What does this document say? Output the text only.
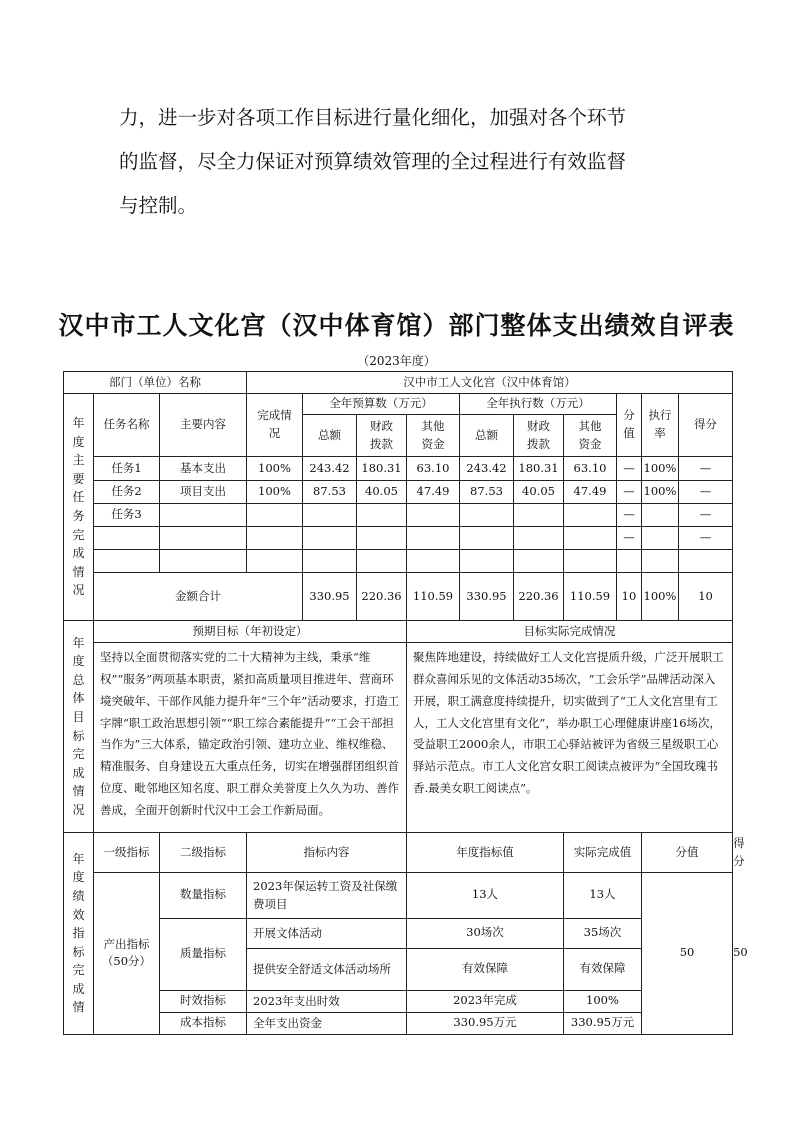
力，进一步对各项工作目标进行量化细化，加强对各个环节

的监督，尽全力保证对预算绩效管理的全过程进行有效监督

与控制。

汉中市工人文化宫（汉中体育馆）部门整体支出绩效自评表
（2023年度）
部门（单位）名称			汉中市工人文化宫（汉中体育馆）										
年度主要任务完成情况	任务名称	主要内容	完成情况	全年预算数（万元）			全年执行数（万元）			分值	执行率	得分	
				总额	财政拨款	其他资金	总额	财政拨款	其他资金				
	任务1	基本支出	100%	243.42	180.31	63.10	243.42	180.31	63.10	—	100%	—	
	任务2	项目支出	100%	87.53	40.05	47.49	87.53	40.05	47.49	—	100%	—	
	任务3									—		—	
										—		—	

	金额合计			330.95	220.36	110.59	330.95	220.36	110.59	10	100%	10	
年度总体目标完成情况	预期目标（年初设定）					目标实际完成情况							
	坚持以全面贯彻落实党的二十大精神为主线，秉承“维权”“服务”两项基本职责，紧扣高质量项目推进年、营商环境突破年、干部作风能力提升年“三个年”活动要求，打造工字牌“职工政治思想引领”“职工综合素能提升”“工会干部担当作为”三大体系，锚定政治引领、建功立业、维权维稳、精准服务、自身建设五大重点任务，切实在增强群团组织首位度、毗邻地区知名度、职工群众美誉度上久久为功、善作善成，全面开创新时代汉中工会工作新局面。					聚焦阵地建设，持续做好工人文化宫提质升级，广泛开展职工群众喜闻乐见的文体活动35场次，“工会乐学”品牌活动深入开展，职工满意度持续提升，切实做到了“工人文化宫里有工人，工人文化宫里有文化”，举办职工心理健康讲座16场次，受益职工2000余人，市职工心驿站被评为省级三星级职工心驿站示范点。市工人文化宫女职工阅读点被评为“全国玫瑰书香.最美女职工阅读点”。							
年度绩效指标完成情	一级指标	二级指标	指标内容			年度指标值			实际完成值		分值		得分
	产出指标（50分）	数量指标	2023年保运转工资及社保缴费项目			13人			13人		50		50
		质量指标	开展文体活动			30场次			35场次				
			提供安全舒适文体活动场所			有效保障			有效保障				
		时效指标	2023年支出时效			2023年完成			100%				
		成本指标	全年支出资金			330.95万元			330.95万元				
